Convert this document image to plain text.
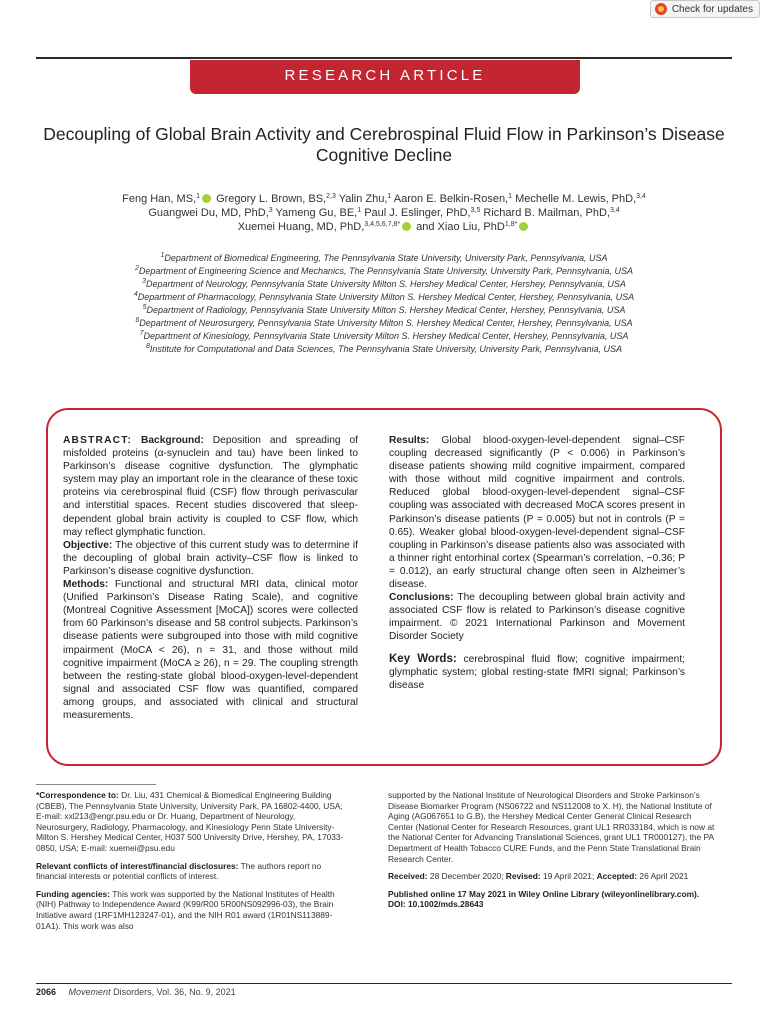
Check for updates
RESEARCH ARTICLE
Decoupling of Global Brain Activity and Cerebrospinal Fluid Flow in Parkinson’s Disease Cognitive Decline
Feng Han, MS,$^1$ Gregory L. Brown, BS,$^{2,3}$ Yalin Zhu,$^1$ Aaron E. Belkin-Rosen,$^1$ Mechelle M. Lewis, PhD,$^{3,4}$
Guangwei Du, MD, PhD,$^3$ Yameng Gu, BE,$^1$ Paul J. Eslinger, PhD,$^{3,5}$ Richard B. Mailman, PhD,$^{3,4}$
Xuemei Huang, MD, PhD,$^{3,4,5,6,7,8*}$ and Xiao Liu, PhD$^{1,8*}$
$^1$Department of Biomedical Engineering, The Pennsylvania State University, University Park, Pennsylvania, USA
$^2$Department of Engineering Science and Mechanics, The Pennsylvania State University, University Park, Pennsylvania, USA
$^3$Department of Neurology, Pennsylvania State University Milton S. Hershey Medical Center, Hershey, Pennsylvania, USA
$^4$Department of Pharmacology, Pennsylvania State University Milton S. Hershey Medical Center, Hershey, Pennsylvania, USA
$^5$Department of Radiology, Pennsylvania State University Milton S. Hershey Medical Center, Hershey, Pennsylvania, USA
$^6$Department of Neurosurgery, Pennsylvania State University Milton S. Hershey Medical Center, Hershey, Pennsylvania, USA
$^7$Department of Kinesiology, Pennsylvania State University Milton S. Hershey Medical Center, Hershey, Pennsylvania, USA
$^8$Institute for Computational and Data Sciences, The Pennsylvania State University, University Park, Pennsylvania, USA

ABSTRACT: Background: Deposition and spreading of misfolded proteins (α-synuclein and tau) have been linked to Parkinson’s disease cognitive dysfunction. The glymphatic system may play an important role in the clearance of these toxic proteins via cerebrospinal fluid (CSF) flow through perivascular and interstitial spaces. Recent studies discovered that sleep-dependent global brain activity is coupled to CSF flow, which may reflect glymphatic function.

Objective: The objective of this current study was to determine if the decoupling of global brain activity–CSF flow is linked to Parkinson’s disease cognitive dysfunction.

Methods: Functional and structural MRI data, clinical motor (Unified Parkinson’s Disease Rating Scale), and cognitive (Montreal Cognitive Assessment [MoCA]) scores were collected from 60 Parkinson’s disease and 58 control subjects. Parkinson’s disease patients were subgrouped into those with mild cognitive impairment (MoCA < 26), n = 31, and those without mild cognitive impairment (MoCA ≥ 26), n = 29. The coupling strength between the resting-state global blood-oxygen-level-dependent signal and associated CSF flow was quantified, compared among groups, and associated with clinical and structural measurements.

Results: Global blood-oxygen-level-dependent signal–CSF coupling decreased significantly (P < 0.006) in Parkinson’s disease patients showing mild cognitive impairment, compared with those without mild cognitive impairment and controls. Reduced global blood-oxygen-level-dependent signal–CSF coupling was associated with decreased MoCA scores present in Parkinson’s disease patients (P = 0.005) but not in controls (P = 0.65). Weaker global blood-oxygen-level-dependent signal–CSF coupling in Parkinson’s disease patients also was associated with a thinner right entorhinal cortex (Spearman’s correlation, −0.36; P = 0.012), an early structural change often seen in Alzheimer’s disease.

Conclusions: The decoupling between global brain activity and associated CSF flow is related to Parkinson’s disease cognitive impairment. © 2021 International Parkinson and Movement Disorder Society

Key Words: cerebrospinal fluid flow; cognitive impairment; glymphatic system; global resting-state fMRI signal; Parkinson’s disease

*Correspondence to: Dr. Liu, 431 Chemical & Biomedical Engineering Building (CBEB), The Pennsylvania State University, University Park, PA 16802-4400, USA; E-mail: xxl213@engr.psu.edu or Dr. Huang, Department of Neurology, Neurosurgery, Radiology, Pharmacology, and Kinesiology Penn State University-Milton S. Hershey Medical Center, H037 500 University Drive, Hershey, PA, 17033-0850, USA; E-mail: xuemei@psu.edu

Relevant conflicts of interest/financial disclosures: The authors report no financial interests or potential conflicts of interest.

Funding agencies: This work was supported by the National Institutes of Health (NIH) Pathway to Independence Award (K99/R00 5R00NS092996-03), the Brain Initiative award (1RF1MH123247-01), and the NIH R01 award (1R01NS113889-01A1). This work was also

supported by the National Institute of Neurological Disorders and Stroke Parkinson’s Disease Biomarker Program (NS06722 and NS112008 to X. H), the National Institute of Aging (AG067651 to G.B), the Hershey Medical Center General Clinical Research Center (National Center for Research Resources, grant UL1 RR033184, which is now at the National Center for Advancing Translational Sciences, grant UL1 TR000127), the PA Department of Health Tobacco CURE Funds, and the Penn State Translational Brain Research Center.

Received: 28 December 2020; Revised: 19 April 2021; Accepted: 26 April 2021

Published online 17 May 2021 in Wiley Online Library (wileyonlinelibrary.com). DOI: 10.1002/mds.28643

2066 Movement Disorders, Vol. 36, No. 9, 2021
